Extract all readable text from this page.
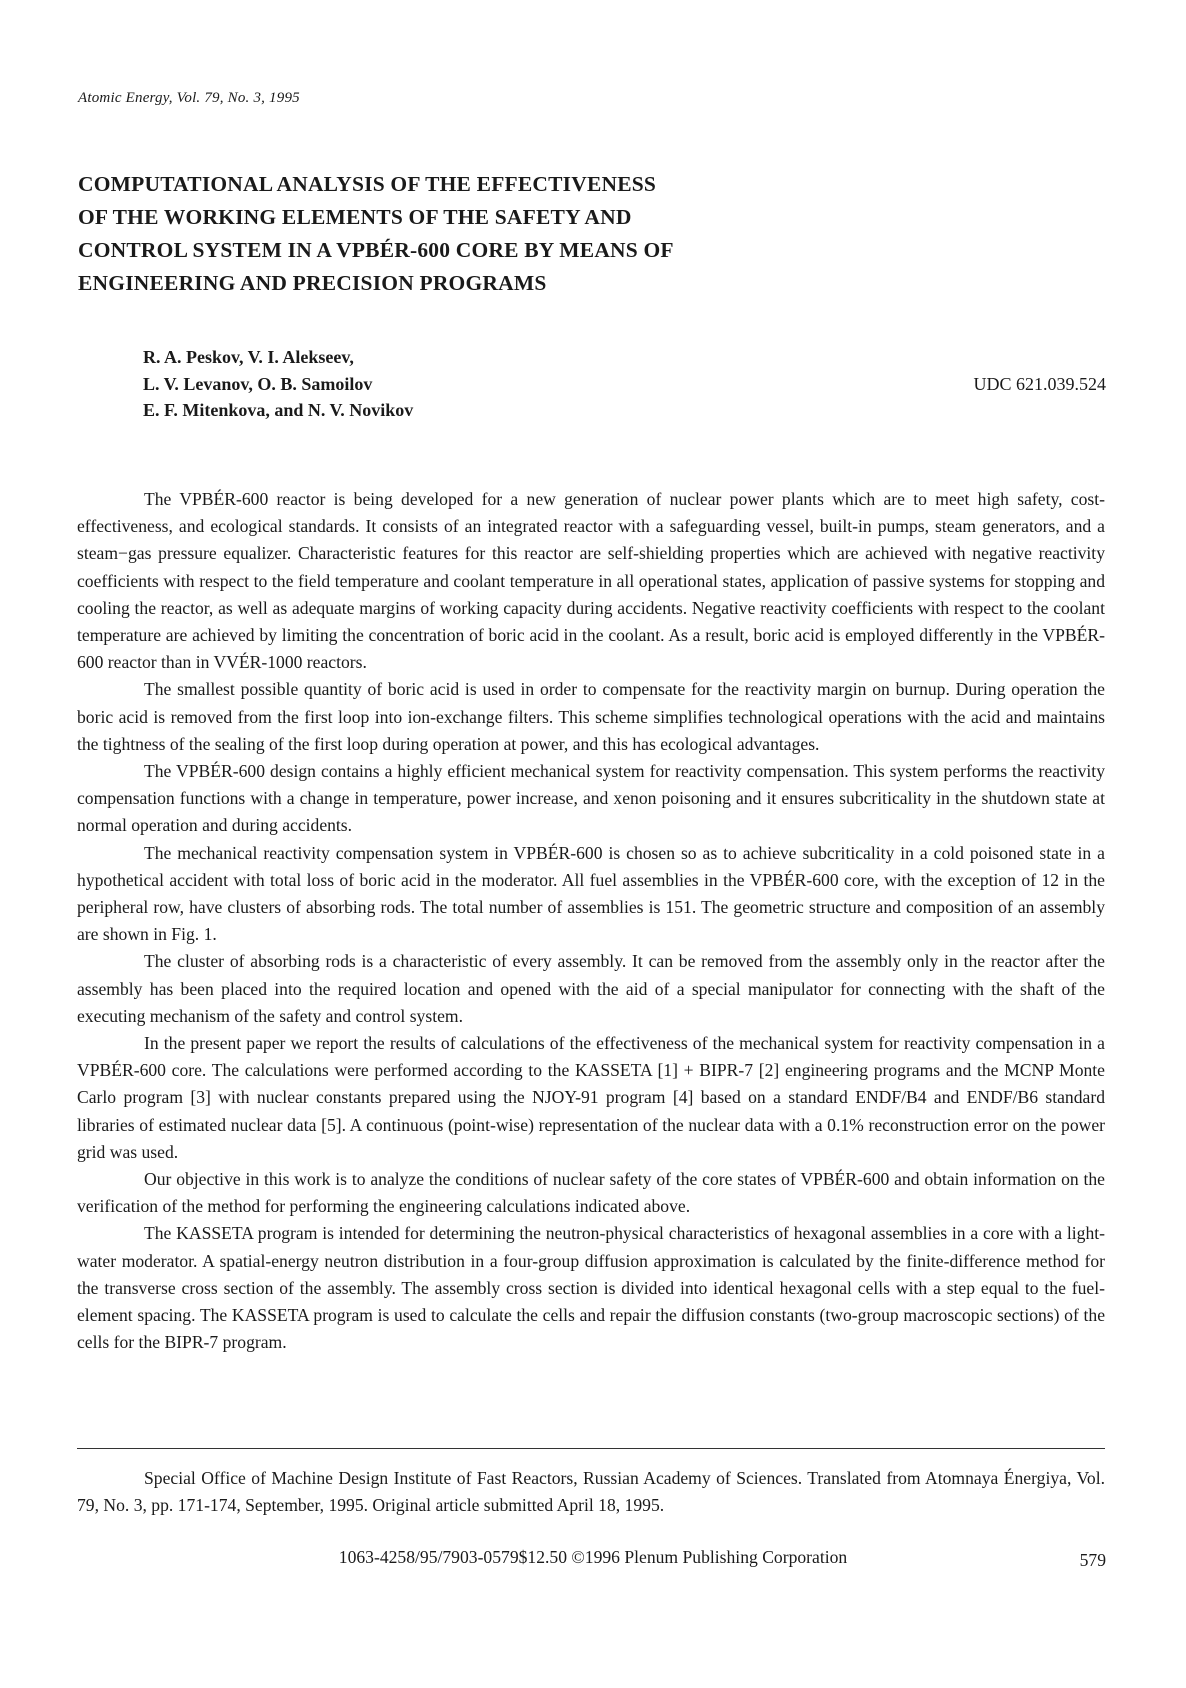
Atomic Energy, Vol. 79, No. 3, 1995
COMPUTATIONAL ANALYSIS OF THE EFFECTIVENESS
OF THE WORKING ELEMENTS OF THE SAFETY AND
CONTROL SYSTEM IN A VPBÉR-600 CORE BY MEANS OF
ENGINEERING AND PRECISION PROGRAMS
R. A. Peskov, V. I. Alekseev,
L. V. Levanov, O. B. Samoilov
E. F. Mitenkova, and N. V. Novikov
UDC 621.039.524

The VPBÉR-600 reactor is being developed for a new generation of nuclear power plants which are to meet high safety, cost-effectiveness, and ecological standards. It consists of an integrated reactor with a safeguarding vessel, built-in pumps, steam generators, and a steam−gas pressure equalizer. Characteristic features for this reactor are self-shielding properties which are achieved with negative reactivity coefficients with respect to the field temperature and coolant temperature in all operational states, application of passive systems for stopping and cooling the reactor, as well as adequate margins of working capacity during accidents. Negative reactivity coefficients with respect to the coolant temperature are achieved by limiting the concentration of boric acid in the coolant. As a result, boric acid is employed differently in the VPBÉR-600 reactor than in VVÉR-1000 reactors.

The smallest possible quantity of boric acid is used in order to compensate for the reactivity margin on burnup. During operation the boric acid is removed from the first loop into ion-exchange filters. This scheme simplifies technological operations with the acid and maintains the tightness of the sealing of the first loop during operation at power, and this has ecological advantages.

The VPBÉR-600 design contains a highly efficient mechanical system for reactivity compensation. This system performs the reactivity compensation functions with a change in temperature, power increase, and xenon poisoning and it ensures subcriticality in the shutdown state at normal operation and during accidents.

The mechanical reactivity compensation system in VPBÉR-600 is chosen so as to achieve subcriticality in a cold poisoned state in a hypothetical accident with total loss of boric acid in the moderator. All fuel assemblies in the VPBÉR-600 core, with the exception of 12 in the peripheral row, have clusters of absorbing rods. The total number of assemblies is 151. The geometric structure and composition of an assembly are shown in Fig. 1.

The cluster of absorbing rods is a characteristic of every assembly. It can be removed from the assembly only in the reactor after the assembly has been placed into the required location and opened with the aid of a special manipulator for connecting with the shaft of the executing mechanism of the safety and control system.

In the present paper we report the results of calculations of the effectiveness of the mechanical system for reactivity compensation in a VPBÉR-600 core. The calculations were performed according to the KASSETA [1] + BIPR-7 [2] engineering programs and the MCNP Monte Carlo program [3] with nuclear constants prepared using the NJOY-91 program [4] based on a standard ENDF/B4 and ENDF/B6 standard libraries of estimated nuclear data [5]. A continuous (point-wise) representation of the nuclear data with a 0.1% reconstruction error on the power grid was used.

Our objective in this work is to analyze the conditions of nuclear safety of the core states of VPBÉR-600 and obtain information on the verification of the method for performing the engineering calculations indicated above.

The KASSETA program is intended for determining the neutron-physical characteristics of hexagonal assemblies in a core with a light-water moderator. A spatial-energy neutron distribution in a four-group diffusion approximation is calculated by the finite-difference method for the transverse cross section of the assembly. The assembly cross section is divided into identical hexagonal cells with a step equal to the fuel-element spacing. The KASSETA program is used to calculate the cells and repair the diffusion constants (two-group macroscopic sections) of the cells for the BIPR-7 program.

Special Office of Machine Design Institute of Fast Reactors, Russian Academy of Sciences. Translated from Atomnaya Énergiya, Vol. 79, No. 3, pp. 171-174, September, 1995. Original article submitted April 18, 1995.

1063-4258/95/7903-0579$12.50 ©1996 Plenum Publishing Corporation	579
